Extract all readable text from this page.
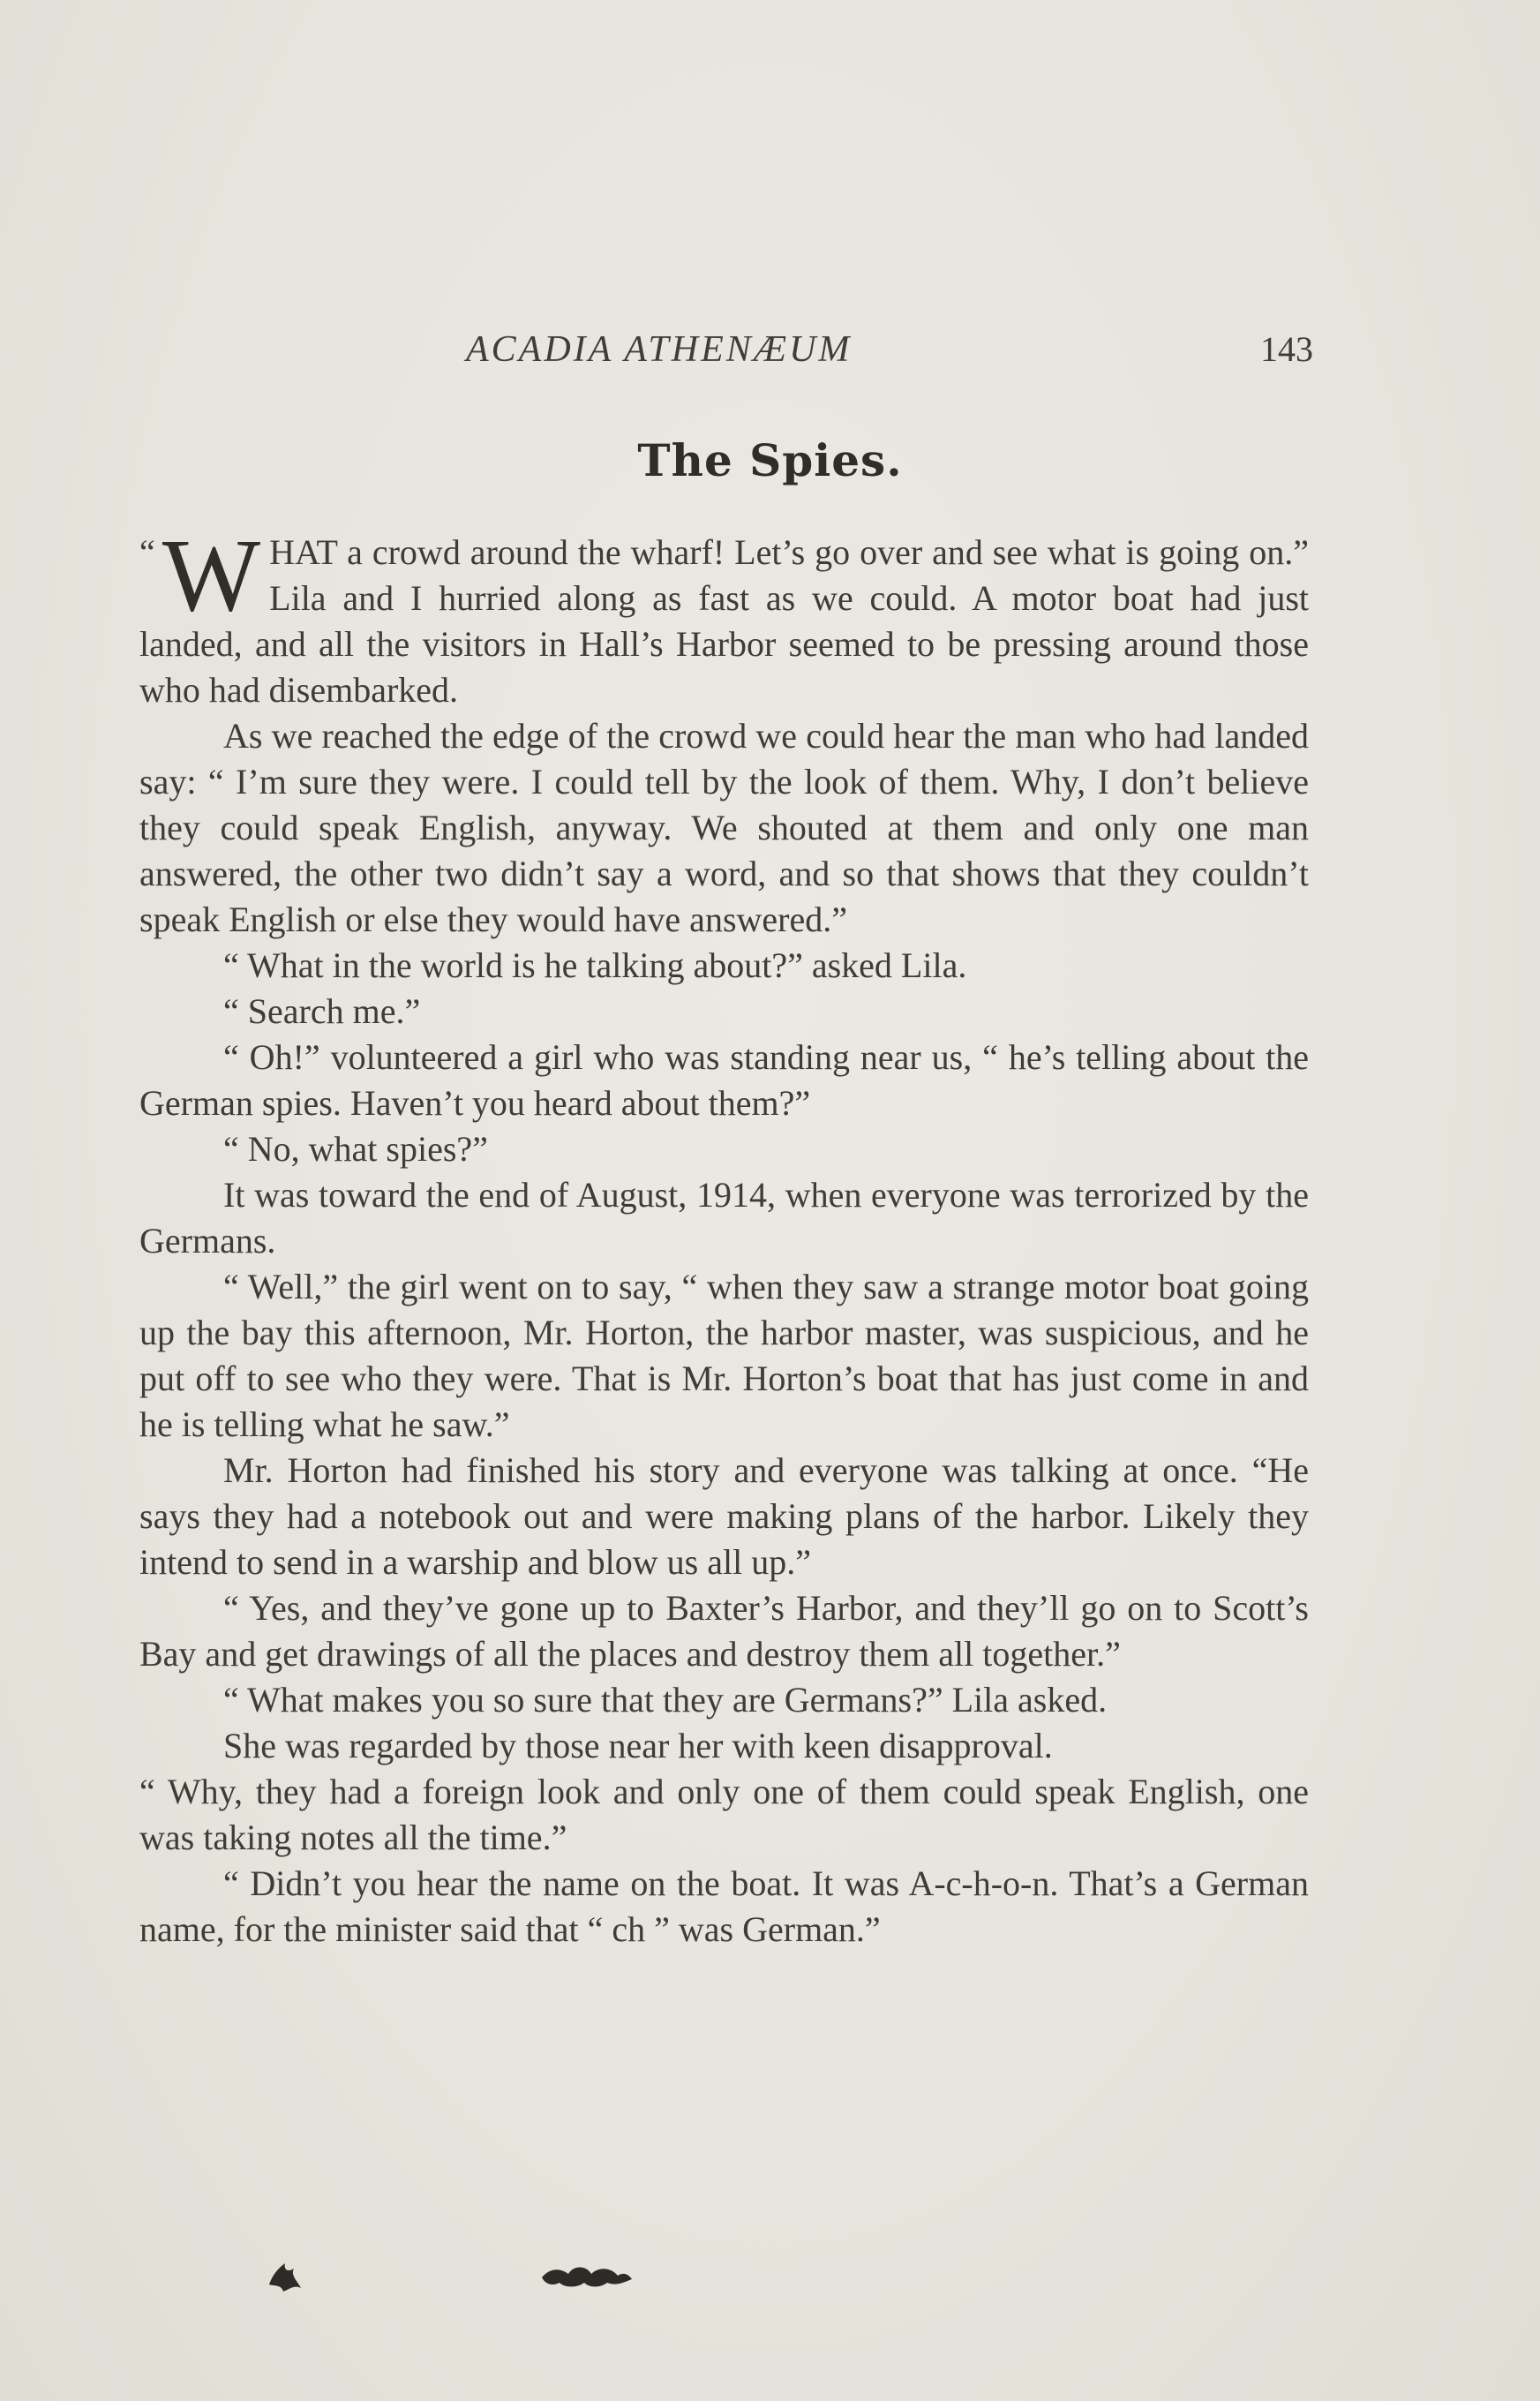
ACADIA ATHENÆUM	143
The Spies.

“ W HAT a crowd around the wharf! Let’s go over and see what is going on.” Lila and I hurried along as fast as we could. A motor boat had just landed, and all the visitors in Hall’s Harbor seemed to be pressing around those who had disembarked.

As we reached the edge of the crowd we could hear the man who had landed say: “ I’m sure they were. I could tell by the look of them. Why, I don’t believe they could speak English, anyway. We shouted at them and only one man answered, the other two didn’t say a word, and so that shows that they couldn’t speak English or else they would have answered.”

“ What in the world is he talking about?” asked Lila.

“ Search me.”

“ Oh!” volunteered a girl who was standing near us, “ he’s telling about the German spies. Haven’t you heard about them?”

“ No, what spies?”

It was toward the end of August, 1914, when everyone was terrorized by the Germans.

“ Well,” the girl went on to say, “ when they saw a strange motor boat going up the bay this afternoon, Mr. Horton, the harbor master, was suspicious, and he put off to see who they were. That is Mr. Horton’s boat that has just come in and he is telling what he saw.”

Mr. Horton had finished his story and everyone was talking at once. “He says they had a notebook out and were making plans of the harbor. Likely they intend to send in a warship and blow us all up.”

“ Yes, and they’ve gone up to Baxter’s Harbor, and they’ll go on to Scott’s Bay and get drawings of all the places and destroy them all together.”

“ What makes you so sure that they are Germans?” Lila asked.

She was regarded by those near her with keen disapproval.

“ Why, they had a foreign look and only one of them could speak English, one was taking notes all the time.”

“ Didn’t you hear the name on the boat. It was A-c-h-o-n. That’s a German name, for the minister said that “ ch ” was German.”
